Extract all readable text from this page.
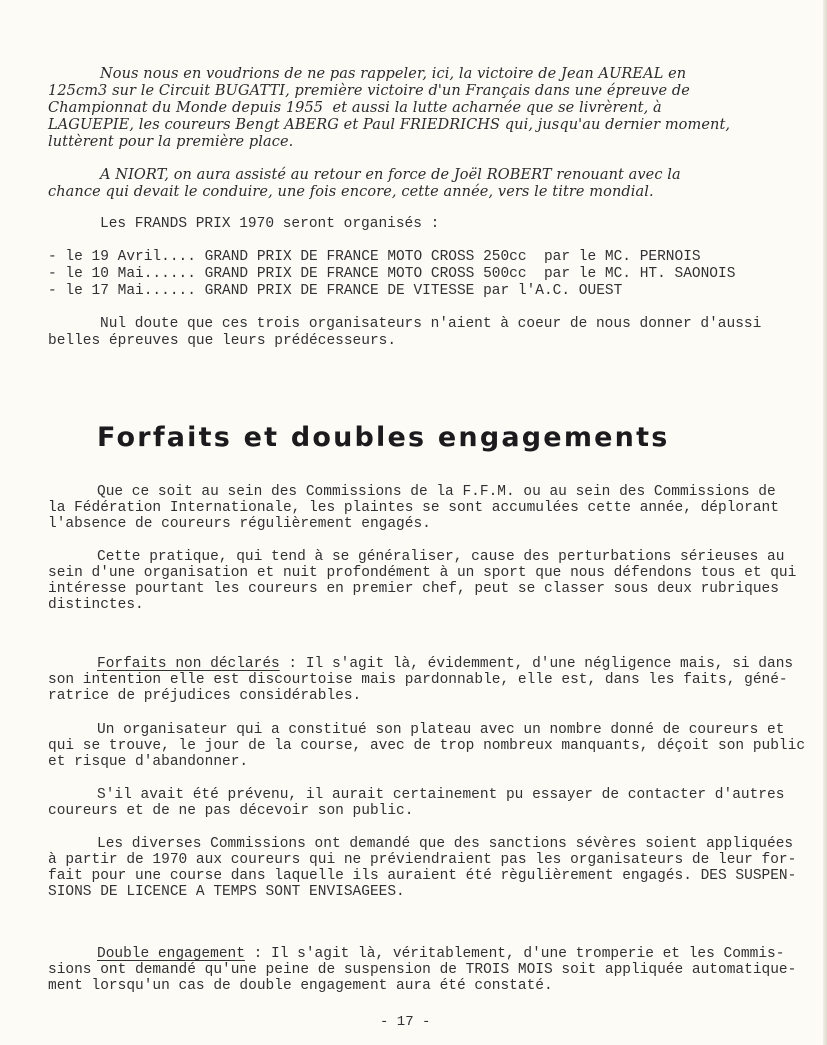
Nous nous en voudrions de ne pas rappeler, ici, la victoire de Jean AUREAL en
125cm3 sur le Circuit BUGATTI, première victoire d'un Français dans une épreuve de
Championnat du Monde depuis 1955  et aussi la lutte acharnée que se livrèrent, à
LAGUEPIE, les coureurs Bengt ABERG et Paul FRIEDRICHS qui, jusqu'au dernier moment,
luttèrent pour la première place.
A NIORT, on aura assisté au retour en force de Joël ROBERT renouant avec la
chance qui devait le conduire, une fois encore, cette année, vers le titre mondial.
Les FRANDS PRIX 1970 seront organisés :
- le 19 Avril.... GRAND PRIX DE FRANCE MOTO CROSS 250cc  par le MC. PERNOIS
- le 10 Mai...... GRAND PRIX DE FRANCE MOTO CROSS 500cc  par le MC. HT. SAONOIS
- le 17 Mai...... GRAND PRIX DE FRANCE DE VITESSE par l'A.C. OUEST
Nul doute que ces trois organisateurs n'aient à coeur de nous donner d'aussi
belles épreuves que leurs prédécesseurs.
Forfaits et doubles engagements
Que ce soit au sein des Commissions de la F.F.M. ou au sein des Commissions de
la Fédération Internationale, les plaintes se sont accumulées cette année, déplorant
l'absence de coureurs régulièrement engagés.
Cette pratique, qui tend à se généraliser, cause des perturbations sérieuses au
sein d'une organisation et nuit profondément à un sport que nous défendons tous et qui
intéresse pourtant les coureurs en premier chef, peut se classer sous deux rubriques
distinctes.
Forfaits non déclarés : Il s'agit là, évidemment, d'une négligence mais, si dans
son intention elle est discourtoise mais pardonnable, elle est, dans les faits, géné-
ratrice de préjudices considérables.
Un organisateur qui a constitué son plateau avec un nombre donné de coureurs et
qui se trouve, le jour de la course, avec de trop nombreux manquants, déçoit son public
et risque d'abandonner.
S'il avait été prévenu, il aurait certainement pu essayer de contacter d'autres
coureurs et de ne pas décevoir son public.
Les diverses Commissions ont demandé que des sanctions sévères soient appliquées
à partir de 1970 aux coureurs qui ne préviendraient pas les organisateurs de leur for-
fait pour une course dans laquelle ils auraient été règulièrement engagés. DES SUSPEN-
SIONS DE LICENCE A TEMPS SONT ENVISAGEES.
Double engagement : Il s'agit là, véritablement, d'une tromperie et les Commis-
sions ont demandé qu'une peine de suspension de TROIS MOIS soit appliquée automatique-
ment lorsqu'un cas de double engagement aura été constaté.
- 17 -
